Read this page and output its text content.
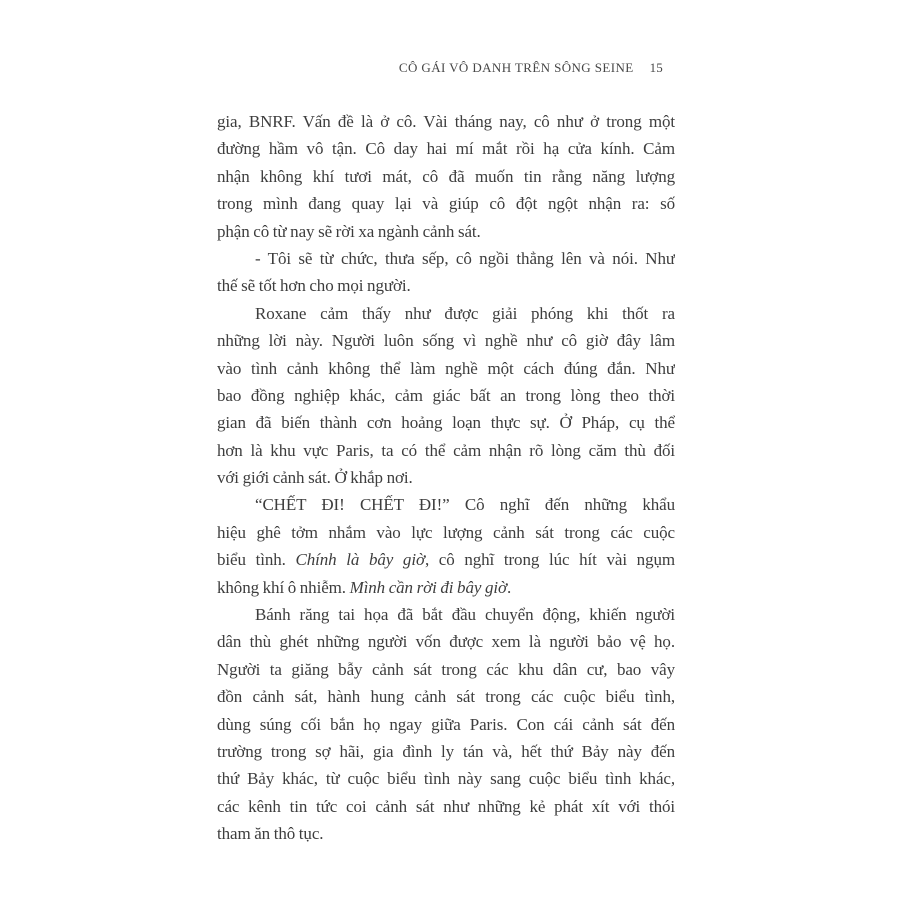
CÔ GÁI VÔ DANH TRÊN SÔNG SEINE 15
gia, BNRF. Vấn đề là ở cô. Vài tháng nay, cô như ở trong một
đường hầm vô tận. Cô day hai mí mắt rồi hạ cửa kính. Cảm
nhận không khí tươi mát, cô đã muốn tin rằng năng lượng
trong mình đang quay lại và giúp cô đột ngột nhận ra: số
phận cô từ nay sẽ rời xa ngành cảnh sát.
- Tôi sẽ từ chức, thưa sếp, cô ngồi thẳng lên và nói. Như
thế sẽ tốt hơn cho mọi người.
Roxane cảm thấy như được giải phóng khi thốt ra
những lời này. Người luôn sống vì nghề như cô giờ đây lâm
vào tình cảnh không thể làm nghề một cách đúng đắn. Như
bao đồng nghiệp khác, cảm giác bất an trong lòng theo thời
gian đã biến thành cơn hoảng loạn thực sự. Ở Pháp, cụ thể
hơn là khu vực Paris, ta có thể cảm nhận rõ lòng căm thù đối
với giới cảnh sát. Ở khắp nơi.
“CHẾT ĐI! CHẾT ĐI!” Cô nghĩ đến những khẩu
hiệu ghê tởm nhắm vào lực lượng cảnh sát trong các cuộc
biểu tình. Chính là bây giờ, cô nghĩ trong lúc hít vài ngụm
không khí ô nhiễm. Mình cần rời đi bây giờ.
Bánh răng tai họa đã bắt đầu chuyển động, khiến người
dân thù ghét những người vốn được xem là người bảo vệ họ.
Người ta giăng bẫy cảnh sát trong các khu dân cư, bao vây
đồn cảnh sát, hành hung cảnh sát trong các cuộc biểu tình,
dùng súng cối bắn họ ngay giữa Paris. Con cái cảnh sát đến
trường trong sợ hãi, gia đình ly tán và, hết thứ Bảy này đến
thứ Bảy khác, từ cuộc biểu tình này sang cuộc biểu tình khác,
các kênh tin tức coi cảnh sát như những kẻ phát xít với thói
tham ăn thô tục.
